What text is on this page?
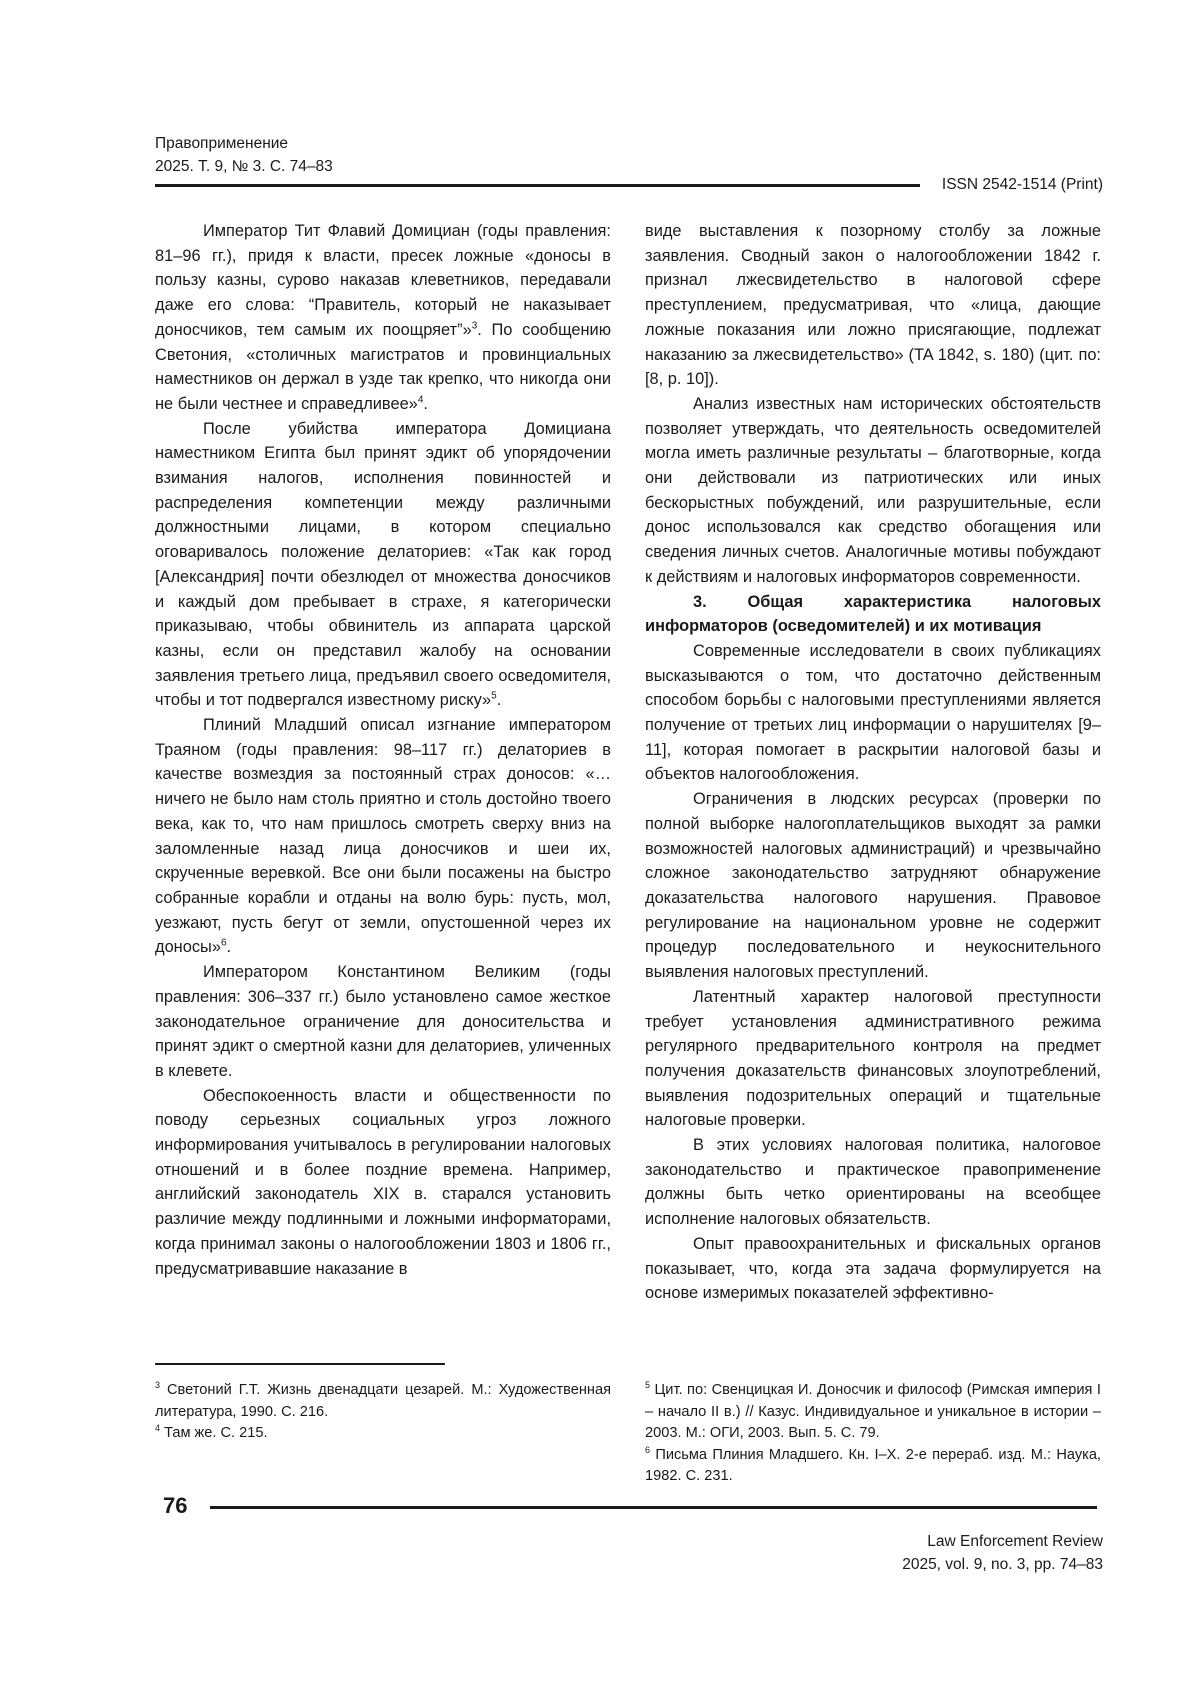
Правоприменение
2025. Т. 9, № 3. С. 74–83
ISSN 2542-1514 (Print)

Император Тит Флавий Домициан (годы правления: 81–96 гг.), придя к власти, пресек ложные «доносы в пользу казны, сурово наказав клеветников, передавали даже его слова: “Правитель, который не наказывает доносчиков, тем самым их поощряет”»$^3$. По сообщению Светония, «столичных магистратов и провинциальных наместников он держал в узде так крепко, что никогда они не были честнее и справедливее»$^4$.

После убийства императора Домициана наместником Египта был принят эдикт об упорядочении взимания налогов, исполнения повинностей и распределения компетенции между различными должностными лицами, в котором специально оговаривалось положение делаториев: «Так как город [Александрия] почти обезлюдел от множества доносчиков и каждый дом пребывает в страхе, я категорически приказываю, чтобы обвинитель из аппарата царской казны, если он представил жалобу на основании заявления третьего лица, предъявил своего осведомителя, чтобы и тот подвергался известному риску»$^5$.

Плиний Младший описал изгнание императором Траяном (годы правления: 98–117 гг.) делаториев в качестве возмездия за постоянный страх доносов: «…ничего не было нам столь приятно и столь достойно твоего века, как то, что нам пришлось смотреть сверху вниз на заломленные назад лица доносчиков и шеи их, скрученные веревкой. Все они были посажены на быстро собранные корабли и отданы на волю бурь: пусть, мол, уезжают, пусть бегут от земли, опустошенной через их доносы»$^6$.

Императором Константином Великим (годы правления: 306–337 гг.) было установлено самое жесткое законодательное ограничение для доносительства и принят эдикт о смертной казни для делаториев, уличенных в клевете.

Обеспокоенность власти и общественности по поводу серьезных социальных угроз ложного информирования учитывалось в регулировании налоговых отношений и в более поздние времена. Например, английский законодатель XIX в. старался установить различие между подлинными и ложными информаторами, когда принимал законы о налогообложении 1803 и 1806 гг., предусматривавшие наказание в

виде выставления к позорному столбу за ложные заявления. Сводный закон о налогообложении 1842 г. признал лжесвидетельство в налоговой сфере преступлением, предусматривая, что «лица, дающие ложные показания или ложно присягающие, подлежат наказанию за лжесвидетельство» (TA 1842, s. 180) (цит. по: [8, p. 10]).

Анализ известных нам исторических обстоятельств позволяет утверждать, что деятельность осведомителей могла иметь различные результаты – благотворные, когда они действовали из патриотических или иных бескорыстных побуждений, или разрушительные, если донос использовался как средство обогащения или сведения личных счетов. Аналогичные мотивы побуждают к действиям и налоговых информаторов современности.

3. Общая характеристика налоговых информаторов (осведомителей) и их мотивация

Современные исследователи в своих публикациях высказываются о том, что достаточно действенным способом борьбы с налоговыми преступлениями является получение от третьих лиц информации о нарушителях [9–11], которая помогает в раскрытии налоговой базы и объектов налогообложения.

Ограничения в людских ресурсах (проверки по полной выборке налогоплательщиков выходят за рамки возможностей налоговых администраций) и чрезвычайно сложное законодательство затрудняют обнаружение доказательства налогового нарушения. Правовое регулирование на национальном уровне не содержит процедур последовательного и неукоснительного выявления налоговых преступлений.

Латентный характер налоговой преступности требует установления административного режима регулярного предварительного контроля на предмет получения доказательств финансовых злоупотреблений, выявления подозрительных операций и тщательные налоговые проверки.

В этих условиях налоговая политика, налоговое законодательство и практическое правоприменение должны быть четко ориентированы на всеобщее исполнение налоговых обязательств.

Опыт правоохранительных и фискальных органов показывает, что, когда эта задача формулируется на основе измеримых показателей эффективно-

$^3$ Светоний Г.Т. Жизнь двенадцати цезарей. М.: Художественная литература, 1990. С. 216.
$^4$ Там же. С. 215.
$^5$ Цит. по: Свенцицкая И. Доносчик и философ (Римская империя I – начало II в.) // Казус. Индивидуальное и уникальное в истории – 2003. М.: ОГИ, 2003. Вып. 5. С. 79.
$^6$ Письма Плиния Младшего. Кн. I–X. 2-е перераб. изд. М.: Наука, 1982. С. 231.
76
Law Enforcement Review
2025, vol. 9, no. 3, pp. 74–83
